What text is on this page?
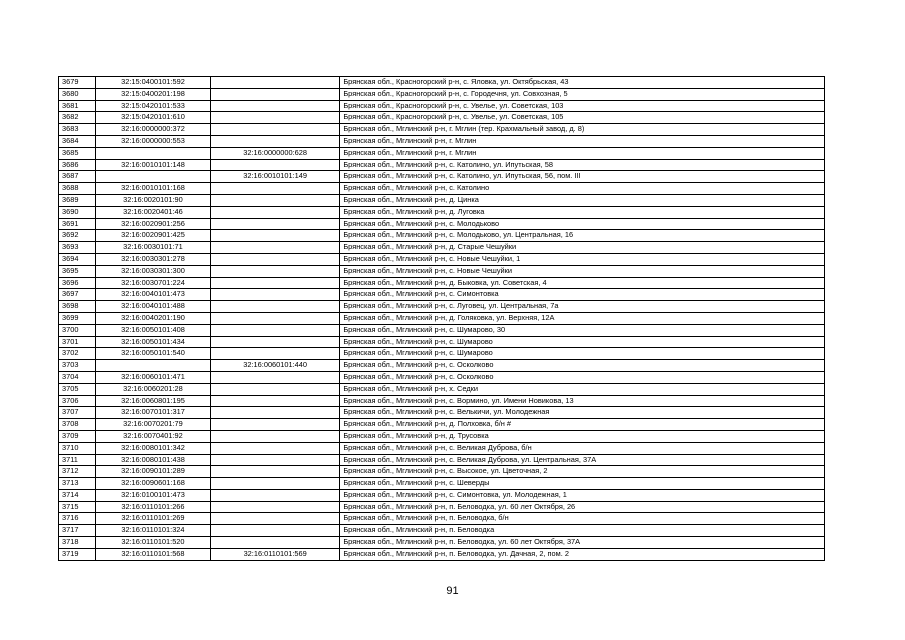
3679	32:15:0400101:592		Брянская обл., Красногорский р-н, с. Яловка, ул. Октябрьская, 43
3680	32:15:0400201:198		Брянская обл., Красногорский р-н, с. Городечня, ул. Совхозная, 5
3681	32:15:0420101:533		Брянская обл., Красногорский р-н, с. Увелье, ул. Советская, 103
3682	32:15:0420101:610		Брянская обл., Красногорский р-н, с. Увелье, ул. Советская, 105
3683	32:16:0000000:372		Брянская обл., Мглинский р-н, г. Мглин (тер. Крахмальный завод, д. 8)
3684	32:16:0000000:553		Брянская обл., Мглинский р-н, г. Мглин
3685		32:16:0000000:628	Брянская обл., Мглинский р-н, г. Мглин
3686	32:16:0010101:148		Брянская обл., Мглинский р-н, с. Католино, ул. Ипутьская, 58
3687		32:16:0010101:149	Брянская обл., Мглинский р-н, с. Католино, ул. Ипутьская, 56, пом. III
3688	32:16:0010101:168		Брянская обл., Мглинский р-н, с. Католино
3689	32:16:0020101:90		Брянская обл., Мглинский р-н, д. Цинка
3690	32:16:0020401:46		Брянская обл., Мглинский р-н, д. Луговка
3691	32:16:0020901:256		Брянская обл., Мглинский р-н, с. Молодьково
3692	32:16:0020901:425		Брянская обл., Мглинский р-н, с. Молодьково, ул. Центральная, 16
3693	32:16:0030101:71		Брянская обл., Мглинский р-н, д. Старые Чешуйки
3694	32:16:0030301:278		Брянская обл., Мглинский р-н, с. Новые Чешуйки, 1
3695	32:16:0030301:300		Брянская обл., Мглинский р-н, с. Новые Чешуйки
3696	32:16:0030701:224		Брянская обл., Мглинский р-н, д. Быковка, ул. Советская, 4
3697	32:16:0040101:473		Брянская обл., Мглинский р-н, с. Симонтовка
3698	32:16:0040101:488		Брянская обл., Мглинский р-н, с. Луговец, ул. Центральная, 7а
3699	32:16:0040201:190		Брянская обл., Мглинский р-н, д. Голяковка, ул. Верхняя, 12А
3700	32:16:0050101:408		Брянская обл., Мглинский р-н, с. Шумарово, 30
3701	32:16:0050101:434		Брянская обл., Мглинский р-н, с. Шумарово
3702	32:16:0050101:540		Брянская обл., Мглинский р-н, с. Шумарово
3703		32:16:0060101:440	Брянская обл., Мглинский р-н, с. Осколково
3704	32:16:0060101:471		Брянская обл., Мглинский р-н, с. Осколково
3705	32:16:0060201:28		Брянская обл., Мглинский р-н, х. Седки
3706	32:16:0060801:195		Брянская обл., Мглинский р-н, с. Вормино, ул. Имени Новикова, 13
3707	32:16:0070101:317		Брянская обл., Мглинский р-н, с. Велькичи, ул. Молодежная
3708	32:16:0070201:79		Брянская обл., Мглинский р-н, д. Полховка, б/н #
3709	32:16:0070401:92		Брянская обл., Мглинский р-н, д. Трусовка
3710	32:16:0080101:342		Брянская обл., Мглинский р-н, с. Великая Дуброва, б/н
3711	32:16:0080101:438		Брянская обл., Мглинский р-н, с. Великая Дуброва, ул. Центральная, 37А
3712	32:16:0090101:289		Брянская обл., Мглинский р-н, с. Высокое, ул. Цветочная, 2
3713	32:16:0090601:168		Брянская обл., Мглинский р-н, с. Шеверды
3714	32:16:0100101:473		Брянская обл., Мглинский р-н, с. Симонтовка, ул. Молодежная, 1
3715	32:16:0110101:266		Брянская обл., Мглинский р-н, п. Беловодка, ул. 60 лет Октября, 26
3716	32:16:0110101:269		Брянская обл., Мглинский р-н, п. Беловодка, б/н
3717	32:16:0110101:324		Брянская обл., Мглинский р-н, п. Беловодка
3718	32:16:0110101:520		Брянская обл., Мглинский р-н, п. Беловодка, ул. 60 лет Октября, 37А
3719	32:16:0110101:568	32:16:0110101:569	Брянская обл., Мглинский р-н, п. Беловодка, ул. Дачная, 2, пом. 2
91
